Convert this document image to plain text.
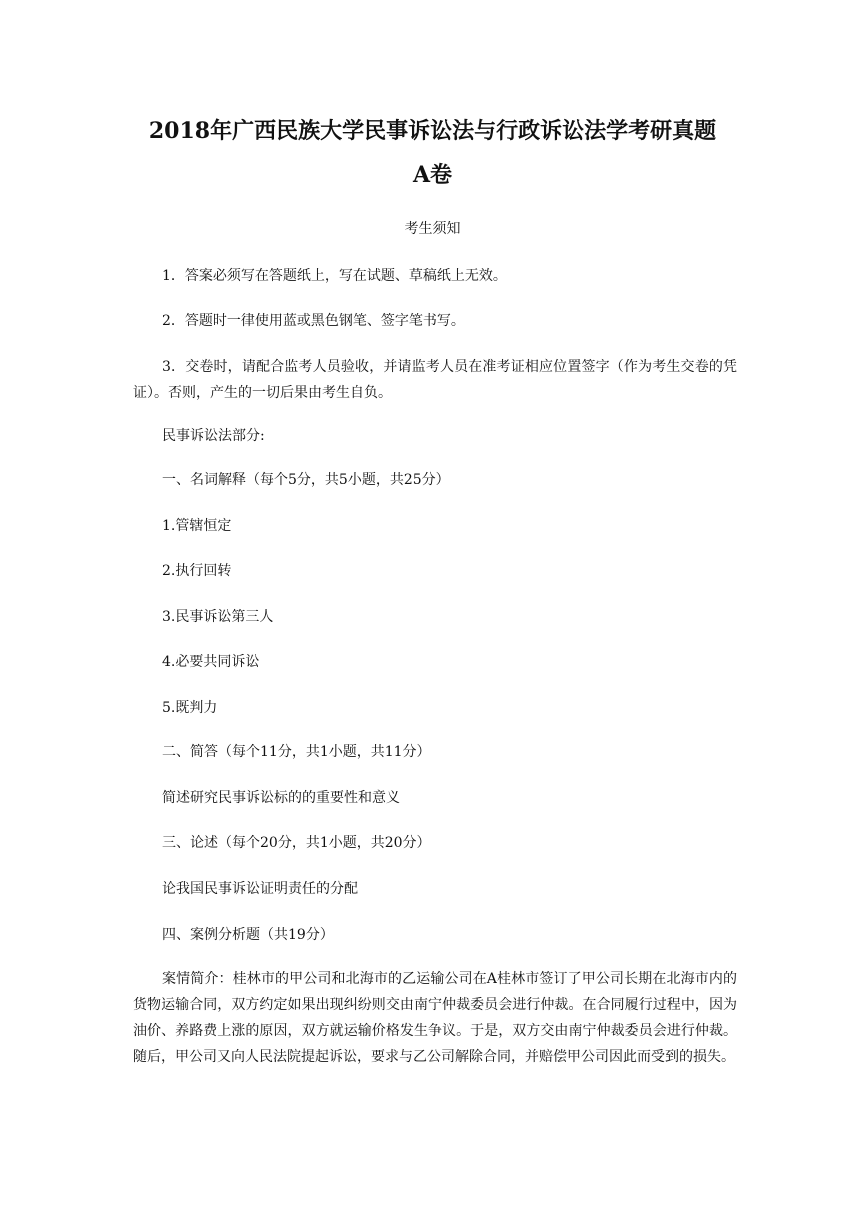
2018年广西民族大学民事诉讼法与行政诉讼法学考研真题
A卷
考生须知
1．答案必须写在答题纸上，写在试题、草稿纸上无效。
2．答题时一律使用蓝或黑色钢笔、签字笔书写。
3．交卷时，请配合监考人员验收，并请监考人员在准考证相应位置签字（作为考生交卷的凭证）。否则，产生的一切后果由考生自负。
民事诉讼法部分:
一、名词解释（每个5分，共5小题，共25分）
1.管辖恒定
2.执行回转
3.民事诉讼第三人
4.必要共同诉讼
5.既判力
二、简答（每个11分，共1小题，共11分）
简述研究民事诉讼标的的重要性和意义
三、论述（每个20分，共1小题，共20分）
论我国民事诉讼证明责任的分配
四、案例分析题（共19分）
案情简介：桂林市的甲公司和北海市的乙运输公司在A桂林市签订了甲公司长期在北海市内的货物运输合同，双方约定如果出现纠纷则交由南宁仲裁委员会进行仲裁。在合同履行过程中，因为油价、养路费上涨的原因，双方就运输价格发生争议。于是，双方交由南宁仲裁委员会进行仲裁。随后，甲公司又向人民法院提起诉讼，要求与乙公司解除合同，并赔偿甲公司因此而受到的损失。
